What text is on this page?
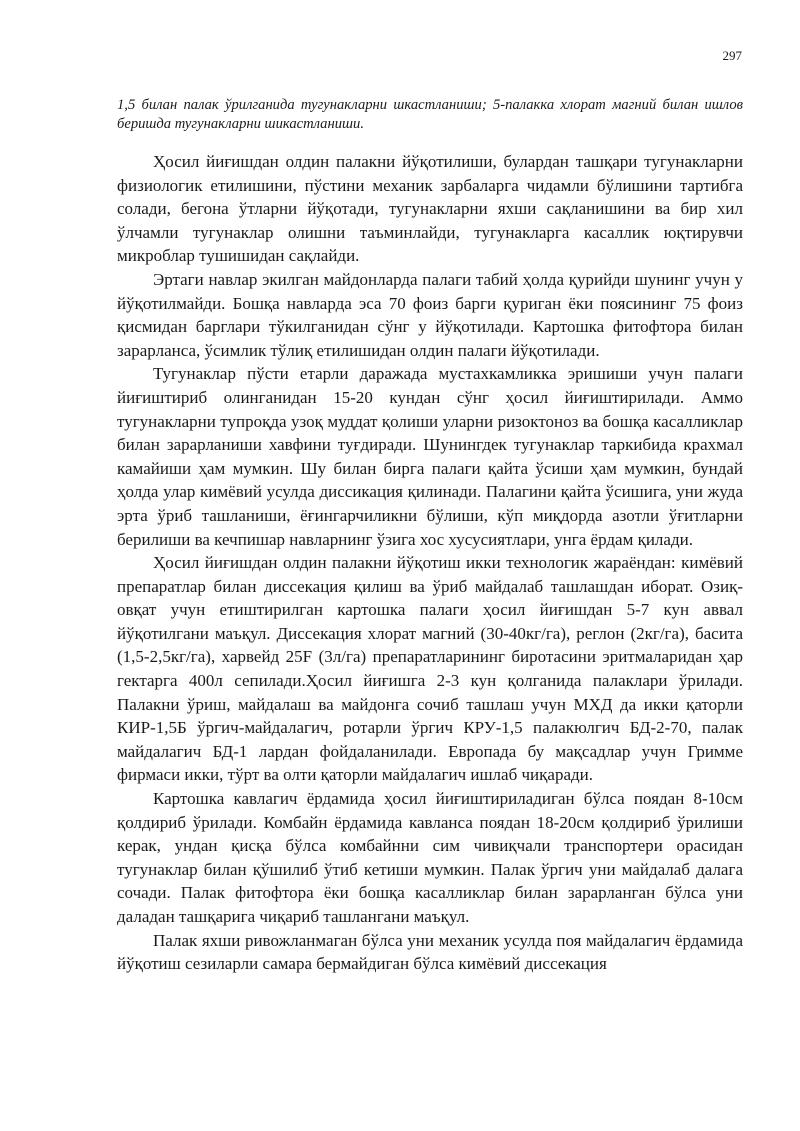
297

1,5 билан палак ўрилганида тугунакларни шкастланиши; 5-палакка хлорат магний билан ишлов беришда тугунакларни шикастланиши.

Ҳосил йиғишдан олдин палакни йўқотилиши, булардан ташқари тугунакларни физиологик етилишини, пўстини механик зарбаларга чидамли бўлишини тартибга солади, бегона ўтларни йўқотади, тугунакларни яхши сақланишини ва бир хил ўлчамли тугунаклар олишни таъминлайди, тугунакларга касаллик юқтирувчи микроблар тушишидан сақлайди.

Эртаги навлар экилган майдонларда палаги табий ҳолда қурийди шунинг учун у йўқотилмайди. Бошқа навларда эса 70 фоиз барги қуриган ёки поясининг 75 фоиз қисмидан барглари тўкилганидан сўнг у йўқотилади. Картошка фитофтора билан зарарланса, ўсимлик тўлиқ етилишидан олдин палаги йўқотилади.

Тугунаклар пўсти етарли даражада мустахкамликка эришиши учун палаги йиғиштириб олинганидан 15-20 кундан сўнг ҳосил йиғиштирилади. Аммо тугунакларни тупроқда узоқ муддат қолиши уларни ризоктоноз ва бошқа касалликлар билан зарарланиши хавфини туғдиради. Шунингдек тугунаклар таркибида крахмал камайиши ҳам мумкин. Шу билан бирга палаги қайта ўсиши ҳам мумкин, бундай ҳолда улар кимёвий усулда диссикация қилинади. Палагини қайта ўсишига, уни жуда эрта ўриб ташланиши, ёғингарчиликни бўлиши, кўп миқдорда азотли ўғитларни берилиши ва кечпишар навларнинг ўзига хос хусусиятлари, унга ёрдам қилади.

Ҳосил йиғишдан олдин палакни йўқотиш икки технологик жараёндан: кимёвий препаратлар билан диссекация қилиш ва ўриб майдалаб ташлашдан иборат. Озиқ-овқат учун етиштирилган картошка палаги ҳосил йиғишдан 5-7 кун аввал йўқотилгани маъқул. Диссекация хлорат магний (30-40кг/га), реглон (2кг/га), басита (1,5-2,5кг/га), харвейд 25F (3л/га) препаратларининг биротасини эритмаларидан ҳар гектарга 400л сепилади.Ҳосил йиғишга 2-3 кун қолганида палаклари ўрилади. Палакни ўриш, майдалаш ва майдонга сочиб ташлаш учун МХД да икки қаторли КИР-1,5Б ўргич-майдалагич, ротарли ўргич КРУ-1,5 палакюлгич БД-2-70, палак майдалагич БД-1 лардан фойдаланилади. Европада бу мақсадлар учун Гримме фирмаси икки, тўрт ва олти қаторли майдалагич ишлаб чиқаради.

Картошка кавлагич ёрдамида ҳосил йиғиштириладиган бўлса поядан 8-10см қолдириб ўрилади. Комбайн ёрдамида кавланса поядан 18-20см қолдириб ўрилиши керак, ундан қисқа бўлса комбайнни сим чивиқчали транспортери орасидан тугунаклар билан қўшилиб ўтиб кетиши мумкин. Палак ўргич уни майдалаб далага сочади. Палак фитофтора ёки бошқа касалликлар билан зарарланган бўлса уни даладан ташқарига чиқариб ташлангани маъқул.

Палак яхши ривожланмаган бўлса уни механик усулда поя майдалагич ёрдамида йўқотиш сезиларли самара бермайдиган бўлса кимёвий диссекация
